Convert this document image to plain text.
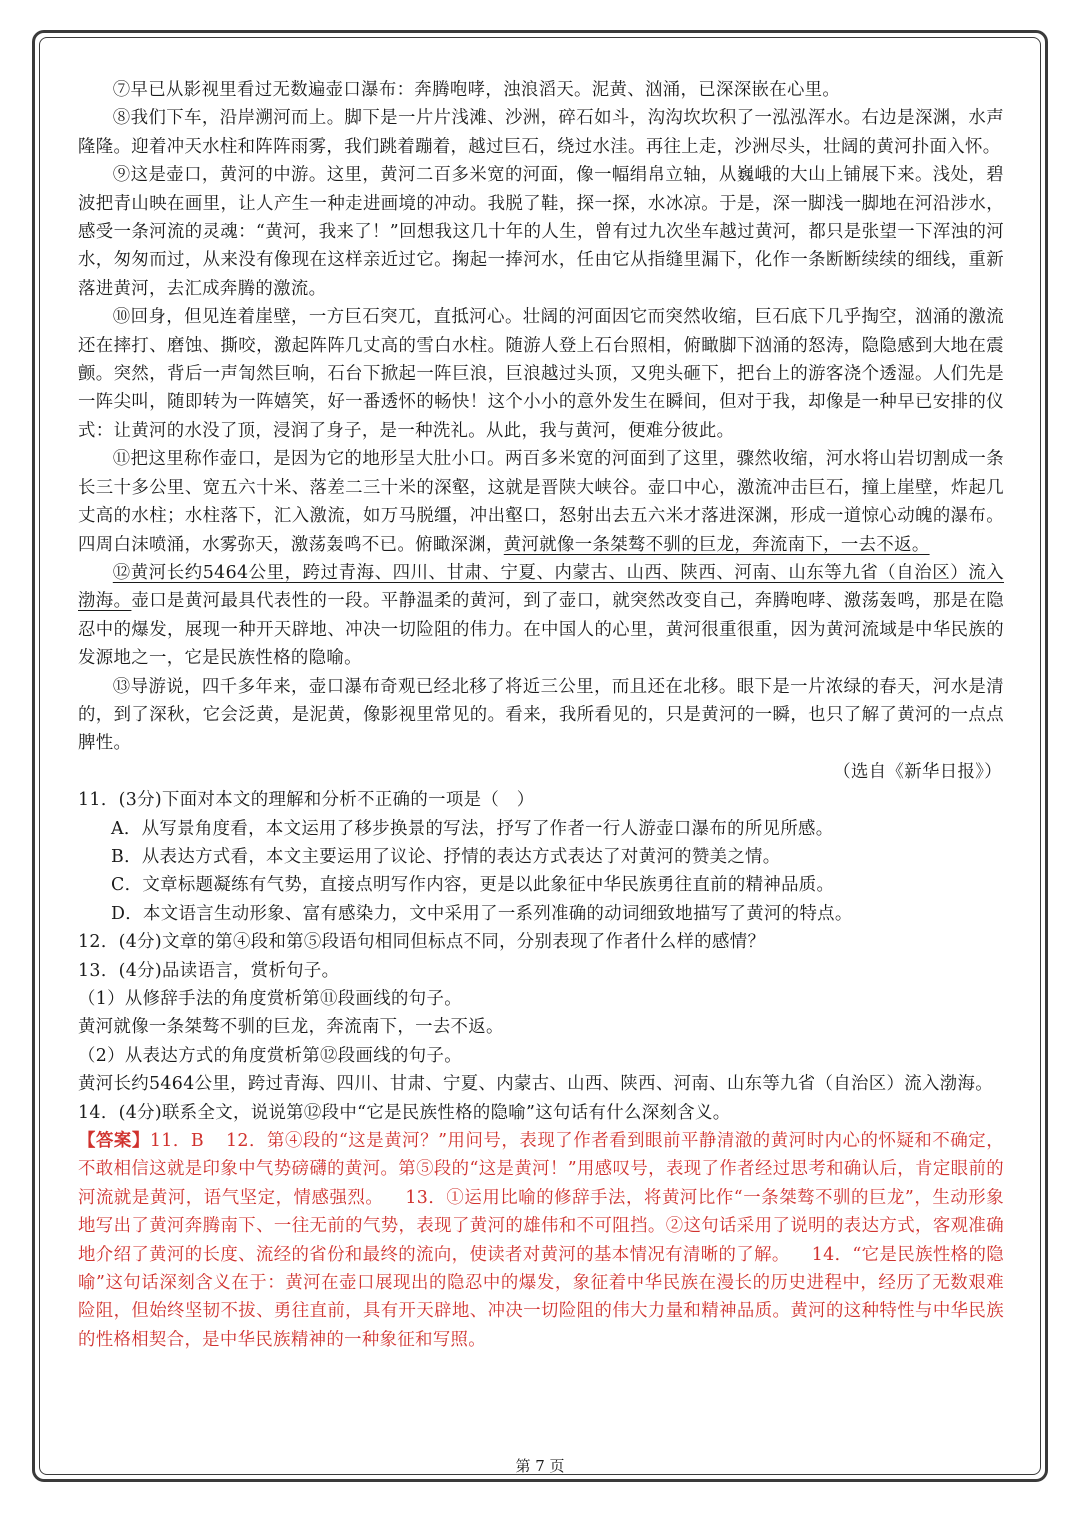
⑦早已从影视里看过无数遍壶口瀑布：奔腾咆哮，浊浪滔天。泥黄、汹涌，已深深嵌在心里。

⑧我们下车，沿岸溯河而上。脚下是一片片浅滩、沙洲，碎石如斗，沟沟坎坎积了一泓泓浑水。右边是深渊，水声隆隆。迎着冲天水柱和阵阵雨雾，我们跳着蹦着，越过巨石，绕过水洼。再往上走，沙洲尽头，壮阔的黄河扑面入怀。

⑨这是壶口，黄河的中游。这里，黄河二百多米宽的河面，像一幅绢帛立轴，从巍峨的大山上铺展下来。浅处，碧波把青山映在画里，让人产生一种走进画境的冲动。我脱了鞋，探一探，水冰凉。于是，深一脚浅一脚地在河沿涉水，感受一条河流的灵魂：“黄河，我来了！”回想我这几十年的人生，曾有过九次坐车越过黄河，都只是张望一下浑浊的河水，匆匆而过，从来没有像现在这样亲近过它。掬起一捧河水，任由它从指缝里漏下，化作一条断断续续的细线，重新落进黄河，去汇成奔腾的激流。

⑩回身，但见连着崖壁，一方巨石突兀，直抵河心。壮阔的河面因它而突然收缩，巨石底下几乎掏空，汹涌的激流还在摔打、磨蚀、撕咬，激起阵阵几丈高的雪白水柱。随游人登上石台照相，俯瞰脚下汹涌的怒涛，隐隐感到大地在震颤。突然，背后一声訇然巨响，石台下掀起一阵巨浪，巨浪越过头顶，又兜头砸下，把台上的游客浇个透湿。人们先是一阵尖叫，随即转为一阵嬉笑，好一番透怀的畅快！这个小小的意外发生在瞬间，但对于我，却像是一种早已安排的仪式：让黄河的水没了顶，浸润了身子，是一种洗礼。从此，我与黄河，便难分彼此。

⑪把这里称作壶口，是因为它的地形呈大肚小口。两百多米宽的河面到了这里，骤然收缩，河水将山岩切割成一条长三十多公里、宽五六十米、落差二三十米的深壑，这就是晋陕大峡谷。壶口中心，激流冲击巨石，撞上崖壁，炸起几丈高的水柱；水柱落下，汇入激流，如万马脱缰，冲出壑口，怒射出去五六米才落进深渊，形成一道惊心动魄的瀑布。四周白沫喷涌，水雾弥天，激荡轰鸣不已。俯瞰深渊，黄河就像一条桀骜不驯的巨龙，奔流南下，一去不返。

⑫黄河长约5464公里，跨过青海、四川、甘肃、宁夏、内蒙古、山西、陕西、河南、山东等九省（自治区）流入渤海。壶口是黄河最具代表性的一段。平静温柔的黄河，到了壶口，就突然改变自己，奔腾咆哮、激荡轰鸣，那是在隐忍中的爆发，展现一种开天辟地、冲决一切险阻的伟力。在中国人的心里，黄河很重很重，因为黄河流域是中华民族的发源地之一，它是民族性格的隐喻。

⑬导游说，四千多年来，壶口瀑布奇观已经北移了将近三公里，而且还在北移。眼下是一片浓绿的春天，河水是清的，到了深秋，它会泛黄，是泥黄，像影视里常见的。看来，我所看见的，只是黄河的一瞬，也只了解了黄河的一点点脾性。

（选自《新华日报》）

11．(3分)下面对本文的理解和分析不正确的一项是（　）

A．从写景角度看，本文运用了移步换景的写法，抒写了作者一行人游壶口瀑布的所见所感。

B．从表达方式看，本文主要运用了议论、抒情的表达方式表达了对黄河的赞美之情。

C．文章标题凝练有气势，直接点明写作内容，更是以此象征中华民族勇往直前的精神品质。

D．本文语言生动形象、富有感染力，文中采用了一系列准确的动词细致地描写了黄河的特点。

12．(4分)文章的第④段和第⑤段语句相同但标点不同，分别表现了作者什么样的感情？

13．(4分)品读语言，赏析句子。

（1）从修辞手法的角度赏析第⑪段画线的句子。

黄河就像一条桀骜不驯的巨龙，奔流南下，一去不返。

（2）从表达方式的角度赏析第⑫段画线的句子。

黄河长约5464公里，跨过青海、四川、甘肃、宁夏、内蒙古、山西、陕西、河南、山东等九省（自治区）流入渤海。

14．(4分)联系全文，说说第⑫段中“它是民族性格的隐喻”这句话有什么深刻含义。

【答案】11．B 12．第④段的“这是黄河？”用问号，表现了作者看到眼前平静清澈的黄河时内心的怀疑和不确定，不敢相信这就是印象中气势磅礴的黄河。第⑤段的“这是黄河！”用感叹号，表现了作者经过思考和确认后，肯定眼前的河流就是黄河，语气坚定，情感强烈。 13．①运用比喻的修辞手法，将黄河比作“一条桀骜不驯的巨龙”，生动形象地写出了黄河奔腾南下、一往无前的气势，表现了黄河的雄伟和不可阻挡。②这句话采用了说明的表达方式，客观准确地介绍了黄河的长度、流经的省份和最终的流向，使读者对黄河的基本情况有清晰的了解。 14．“它是民族性格的隐喻”这句话深刻含义在于：黄河在壶口展现出的隐忍中的爆发，象征着中华民族在漫长的历史进程中，经历了无数艰难险阻，但始终坚韧不拔、勇往直前，具有开天辟地、冲决一切险阻的伟大力量和精神品质。黄河的这种特性与中华民族的性格相契合，是中华民族精神的一种象征和写照。

第 7 页
